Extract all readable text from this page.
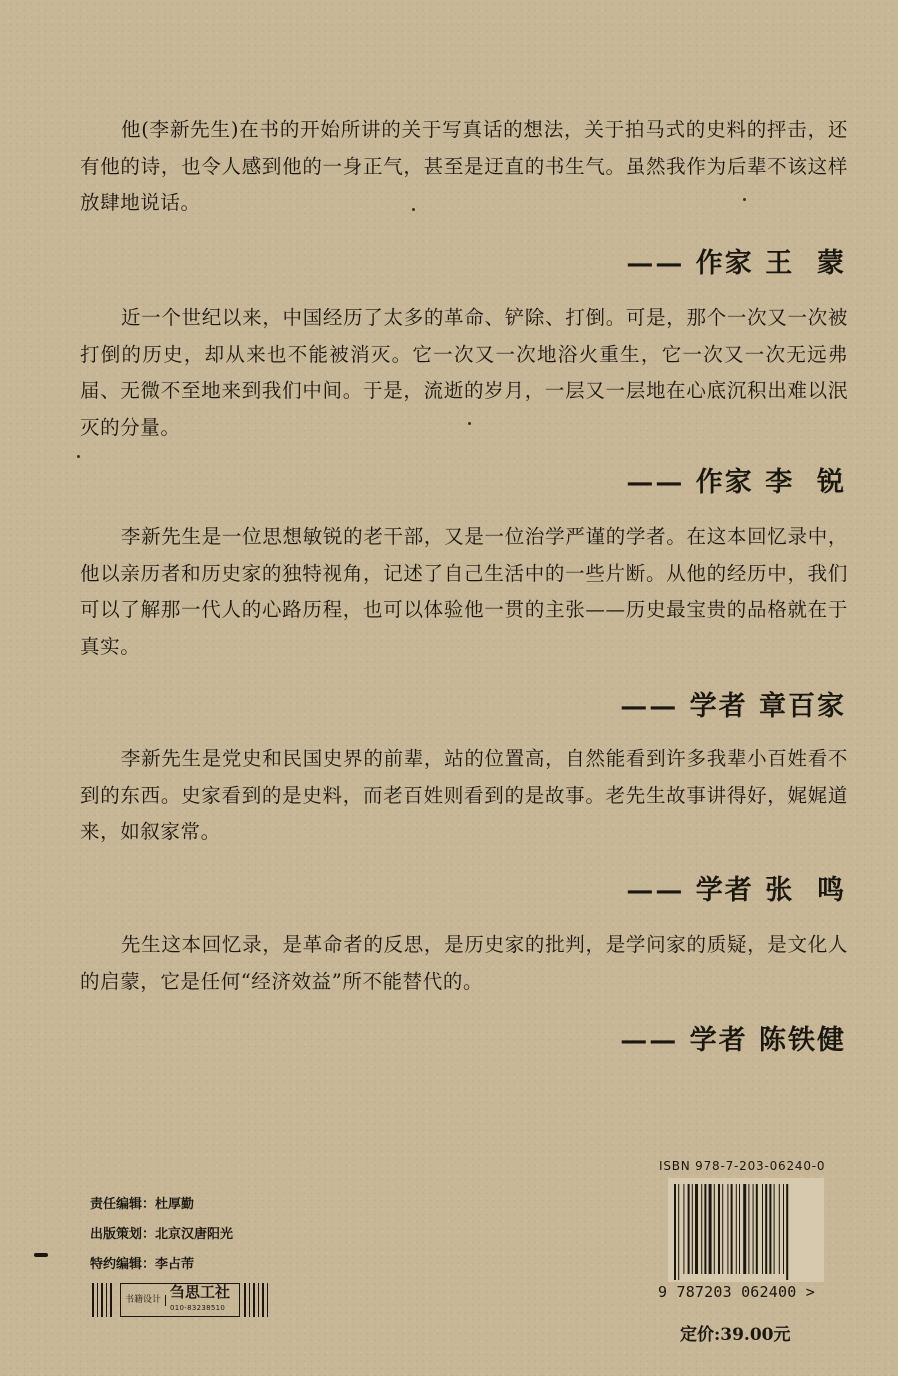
他(李新先生)在书的开始所讲的关于写真话的想法，关于拍马式的史料的抨击，还有他的诗，也令人感到他的一身正气，甚至是迂直的书生气。虽然我作为后辈不该这样放肆地说话。

—— 作家 王  蒙

近一个世纪以来，中国经历了太多的革命、铲除、打倒。可是，那个一次又一次被打倒的历史，却从来也不能被消灭。它一次又一次地浴火重生，它一次又一次无远弗届、无微不至地来到我们中间。于是，流逝的岁月，一层又一层地在心底沉积出难以泯灭的分量。

—— 作家 李  锐

李新先生是一位思想敏锐的老干部，又是一位治学严谨的学者。在这本回忆录中，他以亲历者和历史家的独特视角，记述了自己生活中的一些片断。从他的经历中，我们可以了解那一代人的心路历程，也可以体验他一贯的主张——历史最宝贵的品格就在于真实。

—— 学者 章百家

李新先生是党史和民国史界的前辈，站的位置高，自然能看到许多我辈小百姓看不到的东西。史家看到的是史料，而老百姓则看到的是故事。老先生故事讲得好，娓娓道来，如叙家常。

—— 学者 张  鸣

先生这本回忆录，是革命者的反思，是历史家的批判，是学问家的质疑，是文化人的启蒙，它是任何“经济效益”所不能替代的。

—— 学者 陈铁健
责任编辑：杜厚勤
出版策划：北京汉唐阳光
特约编辑：李占芾
书籍设计 刍思工社
010-83238510
ISBN 978-7-203-06240-0
9 787203 062400 >
定价:39.00元
